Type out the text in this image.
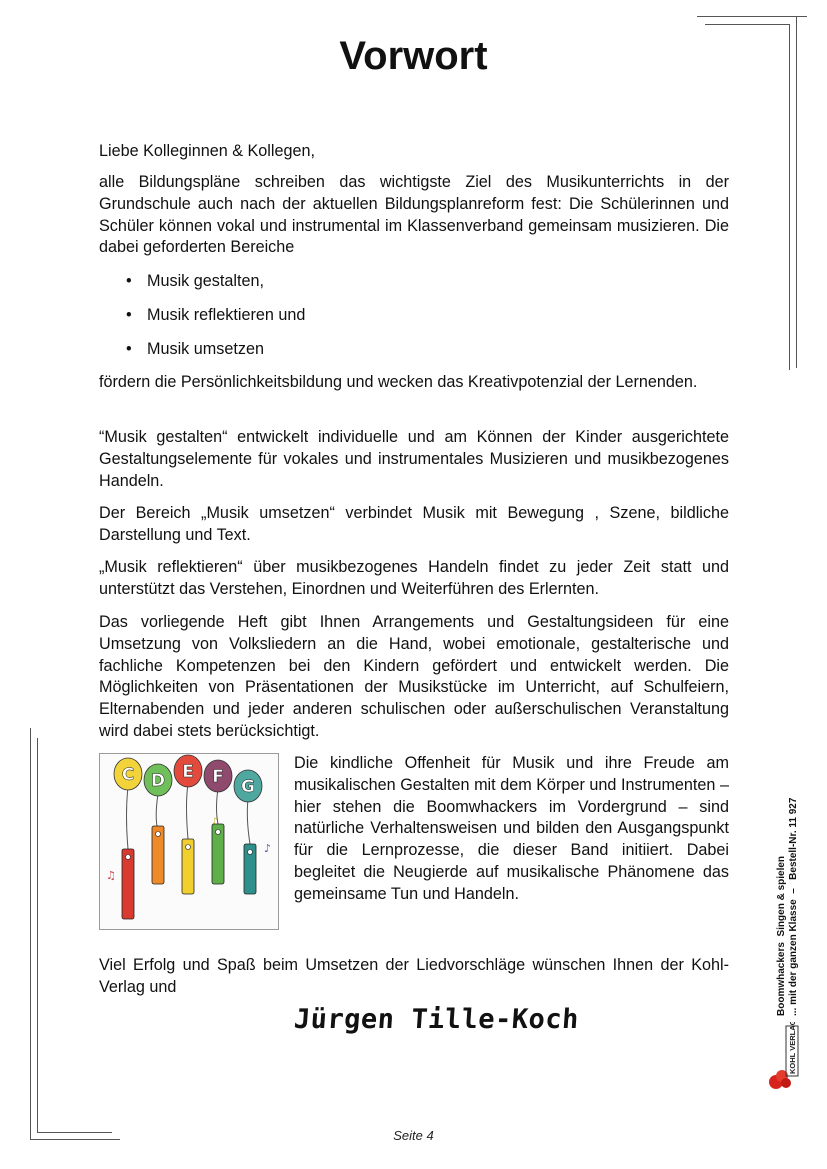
Vorwort

Liebe Kolleginnen & Kollegen,

alle Bildungspläne schreiben das wichtigste Ziel des Musikunterrichts in der Grundschule auch nach der aktuellen Bildungsplanreform fest: Die Schülerinnen und Schüler können vokal und instrumental im Klassenverband gemeinsam musizieren. Die dabei geforderten Bereiche

• Musik gestalten,
• Musik reflektieren und
• Musik umsetzen

fördern die Persönlichkeitsbildung und wecken das Kreativpotenzial der Lernenden.

“Musik gestalten“ entwickelt individuelle und am Können der Kinder ausgerichtete Gestaltungselemente für vokales und instrumentales Musizieren und musikbezogenes Handeln.

Der Bereich „Musik umsetzen“ verbindet Musik mit Bewegung , Szene, bildliche Darstellung und Text.

„Musik reflektieren“ über musikbezogenes Handeln findet zu jeder Zeit statt und unterstützt das Verstehen, Einordnen und Weiterführen des Erlernten.

Das vorliegende Heft gibt Ihnen Arrangements und Gestaltungsideen für eine Umsetzung von Volksliedern an die Hand, wobei emotionale, gestalterische und fachliche Kompetenzen bei den Kindern gefördert und entwickelt werden. Die Möglichkeiten von Präsentationen der Musikstücke im Unterricht, auf Schulfeiern, Elternabenden und jeder anderen schulischen oder außerschulischen Veranstaltung wird dabei stets berücksichtigt.

C D E F G
♫
♪
♪

Die kindliche Offenheit für Musik und ihre Freude am musikalischen Gestalten mit dem Körper und Instrumenten – hier stehen die Boomwhackers im Vordergrund – sind natürliche Verhaltensweisen und bilden den Ausgangspunkt für die Lernprozesse, die dieser Band initiiert. Dabei begleitet die Neugierde auf musikalische Phänomene das gemeinsame Tun und Handeln.

Viel Erfolg und Spaß beim Umsetzen der Liedvorschläge wünschen Ihnen der Kohl-Verlag und

Jürgen Tille-Koch
Seite 4
Boomwhackers  Singen & spielen
... mit der ganzen Klasse  –   Bestell-Nr. 11 927
KOHL VERLAG
